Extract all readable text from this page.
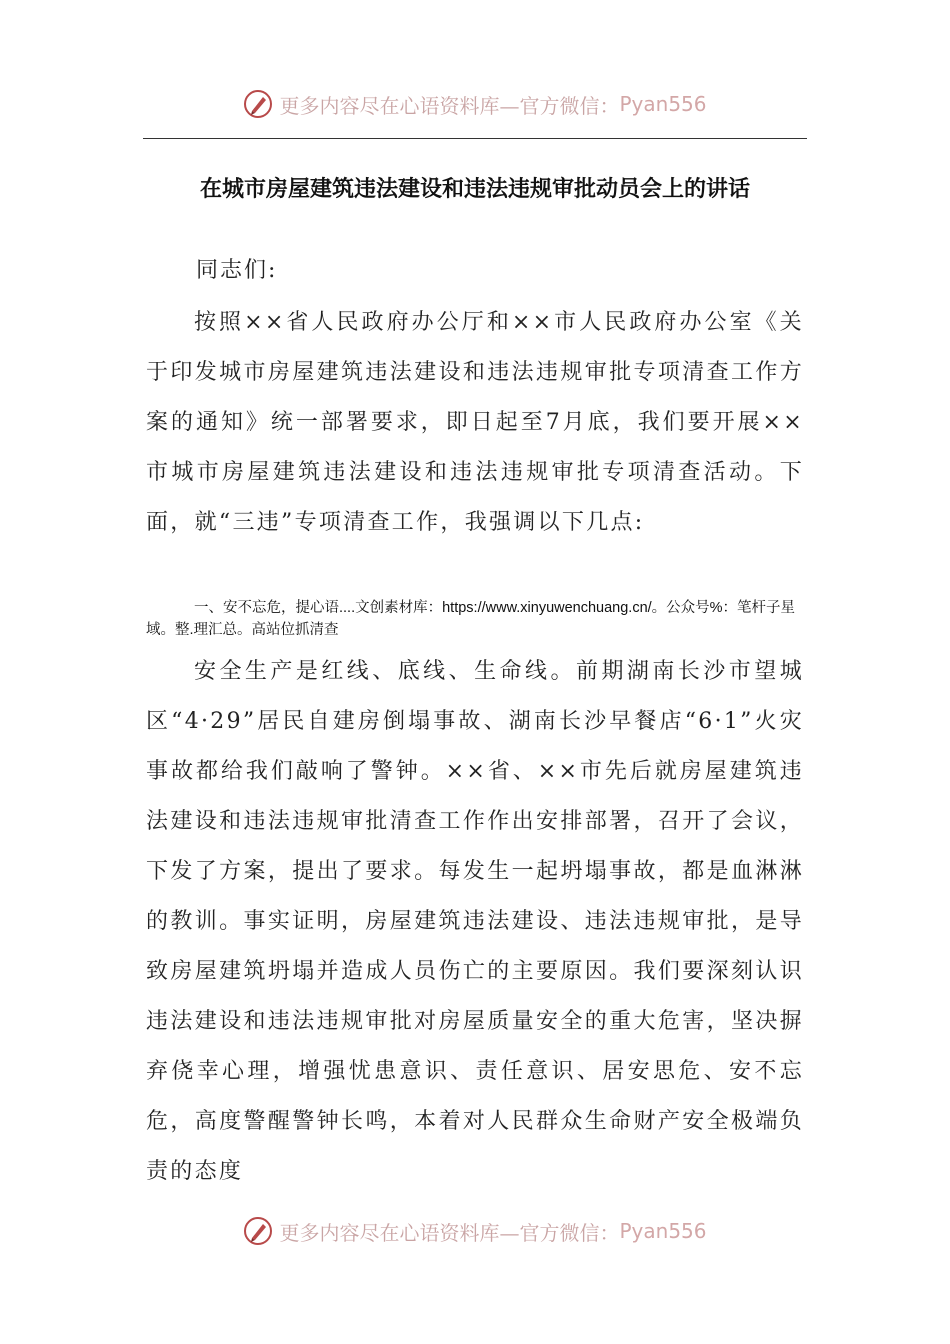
更多内容尽在心语资料库 —官方微信： Pyan556
在城市房屋建筑违法建设和违法违规审批动员会上的讲话
同志们:

按照××省人民政府办公厅和××市人民政府办公室《关于印发城市房屋建筑违法建设和违法违规审批专项清查工作方案的通知》统一部署要求，即日起至7月底，我们要开展××市城市房屋建筑违法建设和违法违规审批专项清查活动。下面，就“三违”专项清查工作，我强调以下几点:

一、安不忘危，提心语....文创素材库：https://www.xinyuwenchuang.cn/。公众号%：笔杆子星域。整.理汇总。高站位抓清查

安全生产是红线、底线、生命线。前期湖南长沙市望城区“4·29”居民自建房倒塌事故、湖南长沙早餐店“6·1”火灾事故都给我们敲响了警钟。××省、××市先后就房屋建筑违法建设和违法违规审批清查工作作出安排部署，召开了会议，下发了方案，提出了要求。每发生一起坍塌事故，都是血淋淋的教训。事实证明，房屋建筑违法建设、违法违规审批，是导致房屋建筑坍塌并造成人员伤亡的主要原因。我们要深刻认识违法建设和违法违规审批对房屋质量安全的重大危害，坚决摒弃侥幸心理，增强忧患意识、责任意识、居安思危、安不忘危，高度警醒警钟长鸣，本着对人民群众生命财产安全极端负责的态度

更多内容尽在心语资料库 —官方微信： Pyan556
